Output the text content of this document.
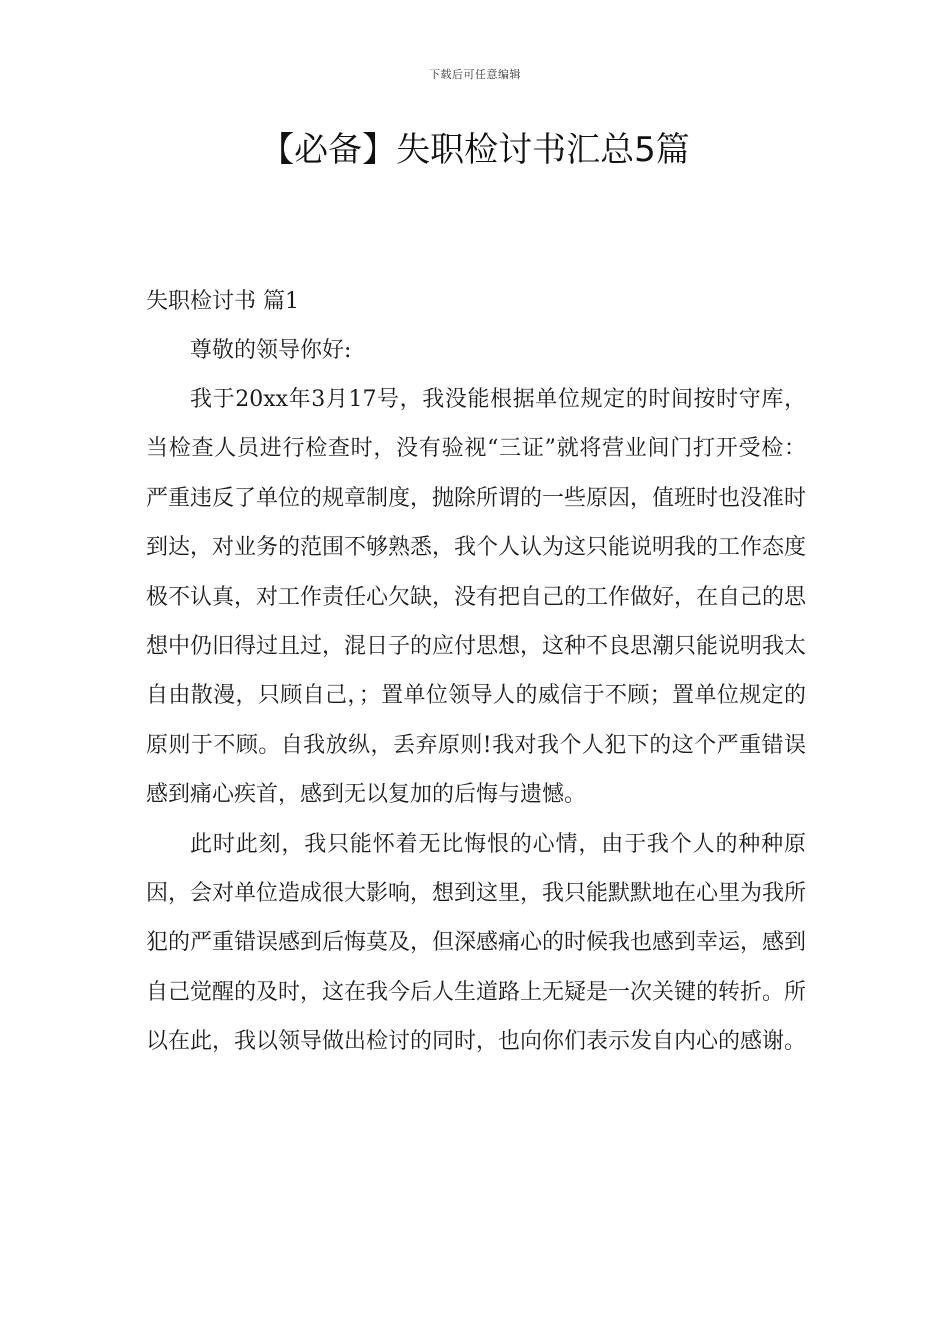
下载后可任意编辑
【必备】失职检讨书汇总5篇

失职检讨书 篇1

尊敬的领导你好:

我于20xx年3月17号，我没能根据单位规定的时间按时守库，当检查人员进行检查时，没有验视“三证”就将营业间门打开受检：严重违反了单位的规章制度，抛除所谓的一些原因，值班时也没准时到达，对业务的范围不够熟悉，我个人认为这只能说明我的工作态度极不认真，对工作责任心欠缺，没有把自己的工作做好，在自己的思想中仍旧得过且过，混日子的应付思想，这种不良思潮只能说明我太自由散漫，只顾自己，；置单位领导人的威信于不顾；置单位规定的原则于不顾。自我放纵，丢弃原则!我对我个人犯下的这个严重错误感到痛心疾首，感到无以复加的后悔与遗憾。

此时此刻，我只能怀着无比悔恨的心情，由于我个人的种种原因，会对单位造成很大影响，想到这里，我只能默默地在心里为我所犯的严重错误感到后悔莫及，但深感痛心的时候我也感到幸运，感到自己觉醒的及时，这在我今后人生道路上无疑是一次关键的转折。所以在此，我以领导做出检讨的同时，也向你们表示发自内心的感谢。
